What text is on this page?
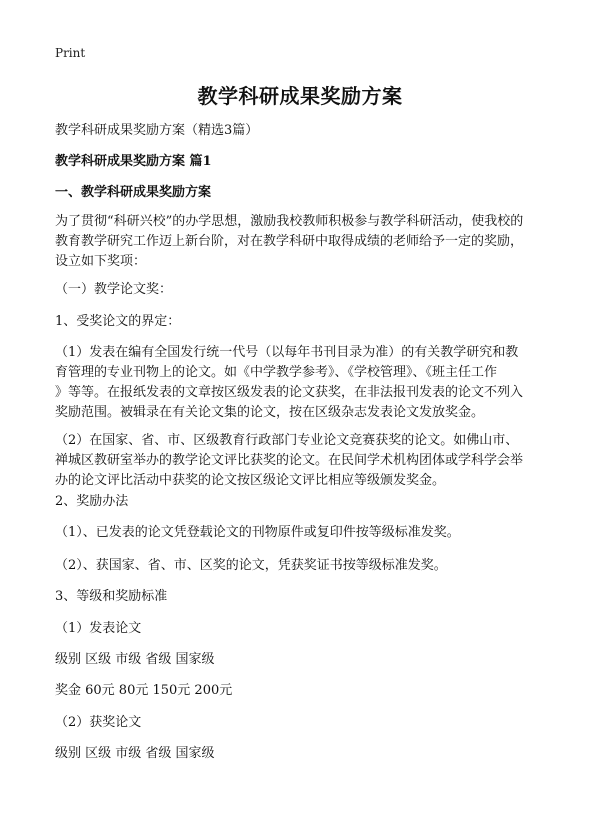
Print
教学科研成果奖励方案
教学科研成果奖励方案（精选3篇）
教学科研成果奖励方案 篇1
一、教学科研成果奖励方案
为了贯彻“科研兴校”的办学思想，激励我校教师积极参与教学科研活动，使我校的
教育教学研究工作迈上新台阶，对在教学科研中取得成绩的老师给予一定的奖励，
设立如下奖项：
（一）教学论文奖：
1、受奖论文的界定：
（1）发表在编有全国发行统一代号（以每年书刊目录为准）的有关教学研究和教
育管理的专业刊物上的论文。如《中学教学参考》、《学校管理》、《班主任工作
》等等。在报纸发表的文章按区级发表的论文获奖，在非法报刊发表的论文不列入
奖励范围。被辑录在有关论文集的论文，按在区级杂志发表论文发放奖金。
（2）在国家、省、市、区级教育行政部门专业论文竞赛获奖的论文。如佛山市、
禅城区教研室举办的教学论文评比获奖的论文。在民间学术机构团体或学科学会举
办的论文评比活动中获奖的论文按区级论文评比相应等级颁发奖金。
2、奖励办法
（1）、已发表的论文凭登载论文的刊物原件或复印件按等级标准发奖。
（2）、获国家、省、市、区奖的论文，凭获奖证书按等级标准发奖。
3、等级和奖励标准
（1）发表论文
级别 区级 市级 省级 国家级
奖金 60元 80元 150元 200元
（2）获奖论文
级别 区级 市级 省级 国家级
